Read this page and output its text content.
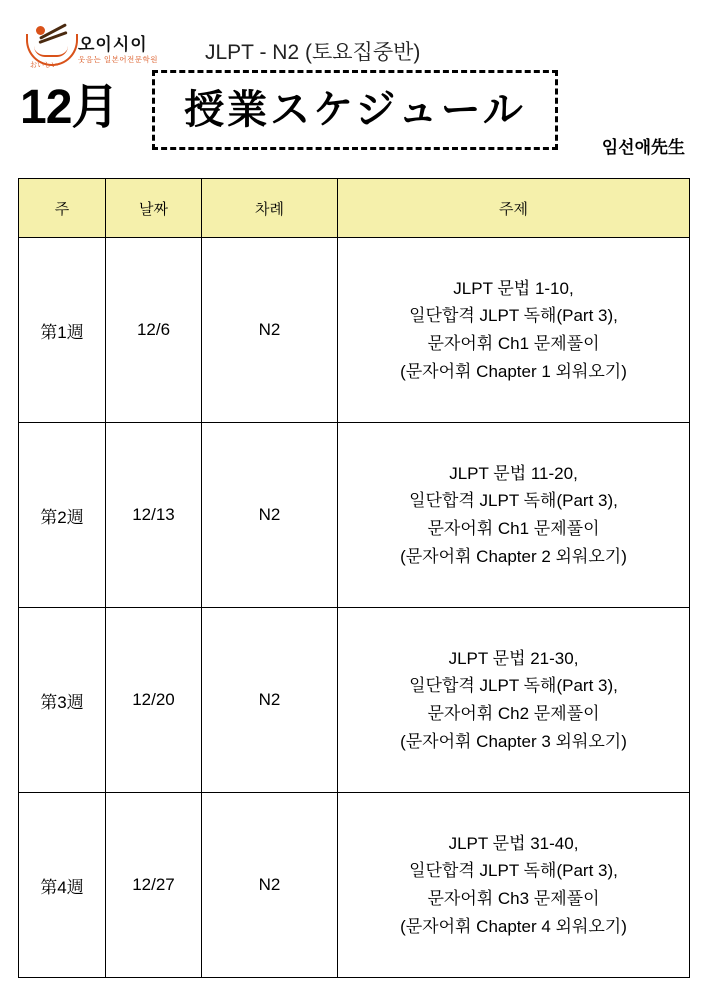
오이시이
おいしい
웃음는 일본어전문학원 JLPT - N2 (토요집중반)
12月 授業スケジュール
임선애先生
주	날짜	차례	주제
第1週	12/6	N2	JLPT 문법 1-10,
일단합격 JLPT 독해(Part 3),
문자어휘 Ch1 문제풀이
(문자어휘 Chapter 1 외워오기)

第2週	12/13	N2	JLPT 문법 11-20,
일단합격 JLPT 독해(Part 3),
문자어휘 Ch1 문제풀이
(문자어휘 Chapter 2 외워오기)

第3週	12/20	N2	JLPT 문법 21-30,
일단합격 JLPT 독해(Part 3),
문자어휘 Ch2 문제풀이
(문자어휘 Chapter 3 외워오기)

第4週	12/27	N2	JLPT 문법 31-40,
일단합격 JLPT 독해(Part 3),
문자어휘 Ch3 문제풀이
(문자어휘 Chapter 4 외워오기)
